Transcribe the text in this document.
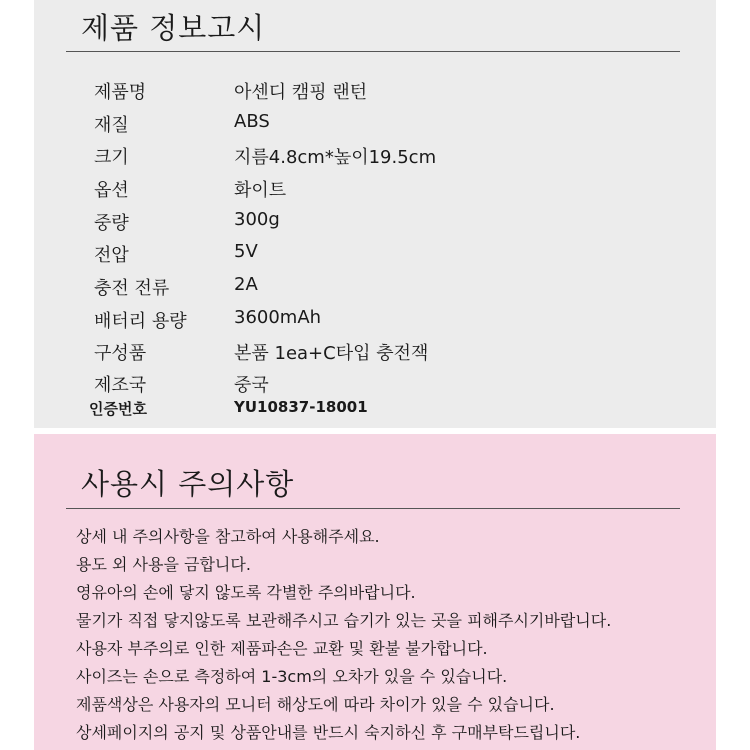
제품 정보고시
제품명	아센디 캠핑 랜턴
재질	ABS
크기	지름4.8cm*높이19.5cm
옵션	화이트
중량	300g
전압	5V
충전 전류	2A
배터리 용량	3600mAh
구성품	본품 1ea+C타입 충전잭
제조국	중국
인증번호	YU10837-18001
사용시 주의사항
상세 내 주의사항을 참고하여 사용해주세요.
용도 외 사용을 금합니다.
영유아의 손에 닿지 않도록 각별한 주의바랍니다.
물기가 직접 닿지않도록 보관해주시고 습기가 있는 곳을 피해주시기바랍니다.
사용자 부주의로 인한 제품파손은 교환 및 환불 불가합니다.
사이즈는 손으로 측정하여 1-3cm의 오차가 있을 수 있습니다.
제품색상은 사용자의 모니터 해상도에 따라 차이가 있을 수 있습니다.
상세페이지의 공지 및 상품안내를 반드시 숙지하신 후 구매부탁드립니다.
